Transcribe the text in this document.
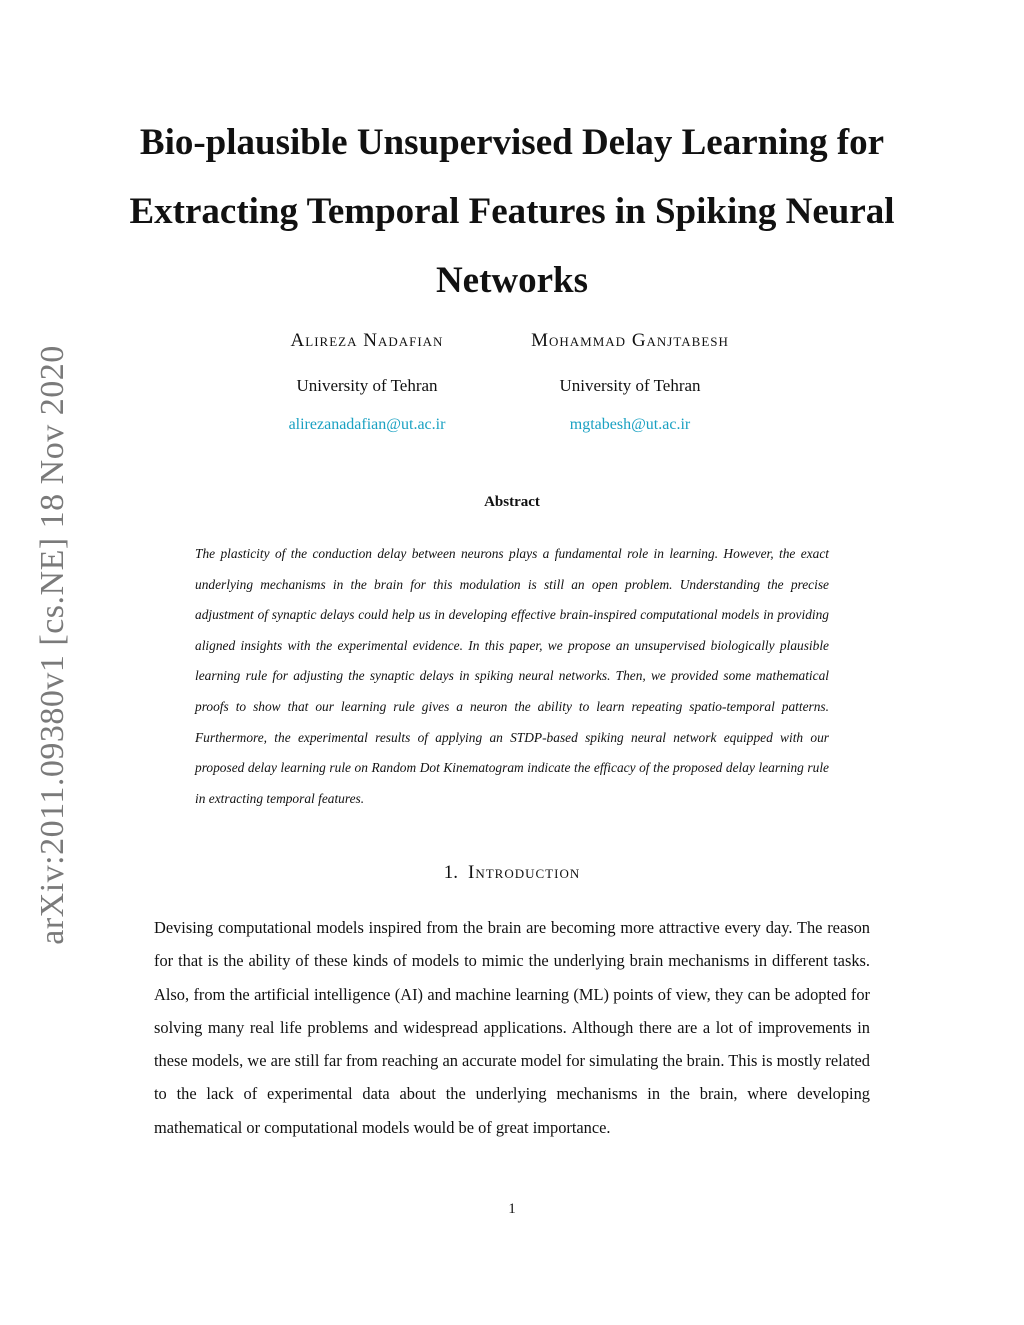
arXiv:2011.09380v1 [cs.NE] 18 Nov 2020
Bio-plausible Unsupervised Delay Learning for Extracting Temporal Features in Spiking Neural Networks
Alireza Nadafian
University of Tehran
alirezanadafian@ut.ac.ir
Mohammad Ganjtabesh
University of Tehran
mgtabesh@ut.ac.ir
Abstract

The plasticity of the conduction delay between neurons plays a fundamental role in learning. However, the exact underlying mechanisms in the brain for this modulation is still an open problem. Understanding the precise adjustment of synaptic delays could help us in developing effective brain-inspired computational models in providing aligned insights with the experimental evidence. In this paper, we propose an unsupervised biologically plausible learning rule for adjusting the synaptic delays in spiking neural networks. Then, we provided some mathematical proofs to show that our learning rule gives a neuron the ability to learn repeating spatio-temporal patterns. Furthermore, the experimental results of applying an STDP-based spiking neural network equipped with our proposed delay learning rule on Random Dot Kinematogram indicate the efficacy of the proposed delay learning rule in extracting temporal features.

1. Introduction

Devising computational models inspired from the brain are becoming more attractive every day. The reason for that is the ability of these kinds of models to mimic the underlying brain mechanisms in different tasks. Also, from the artificial intelligence (AI) and machine learning (ML) points of view, they can be adopted for solving many real life problems and widespread applications. Although there are a lot of improvements in these models, we are still far from reaching an accurate model for simulating the brain. This is mostly related to the lack of experimental data about the underlying mechanisms in the brain, where developing mathematical or computational models would be of great importance.

1
